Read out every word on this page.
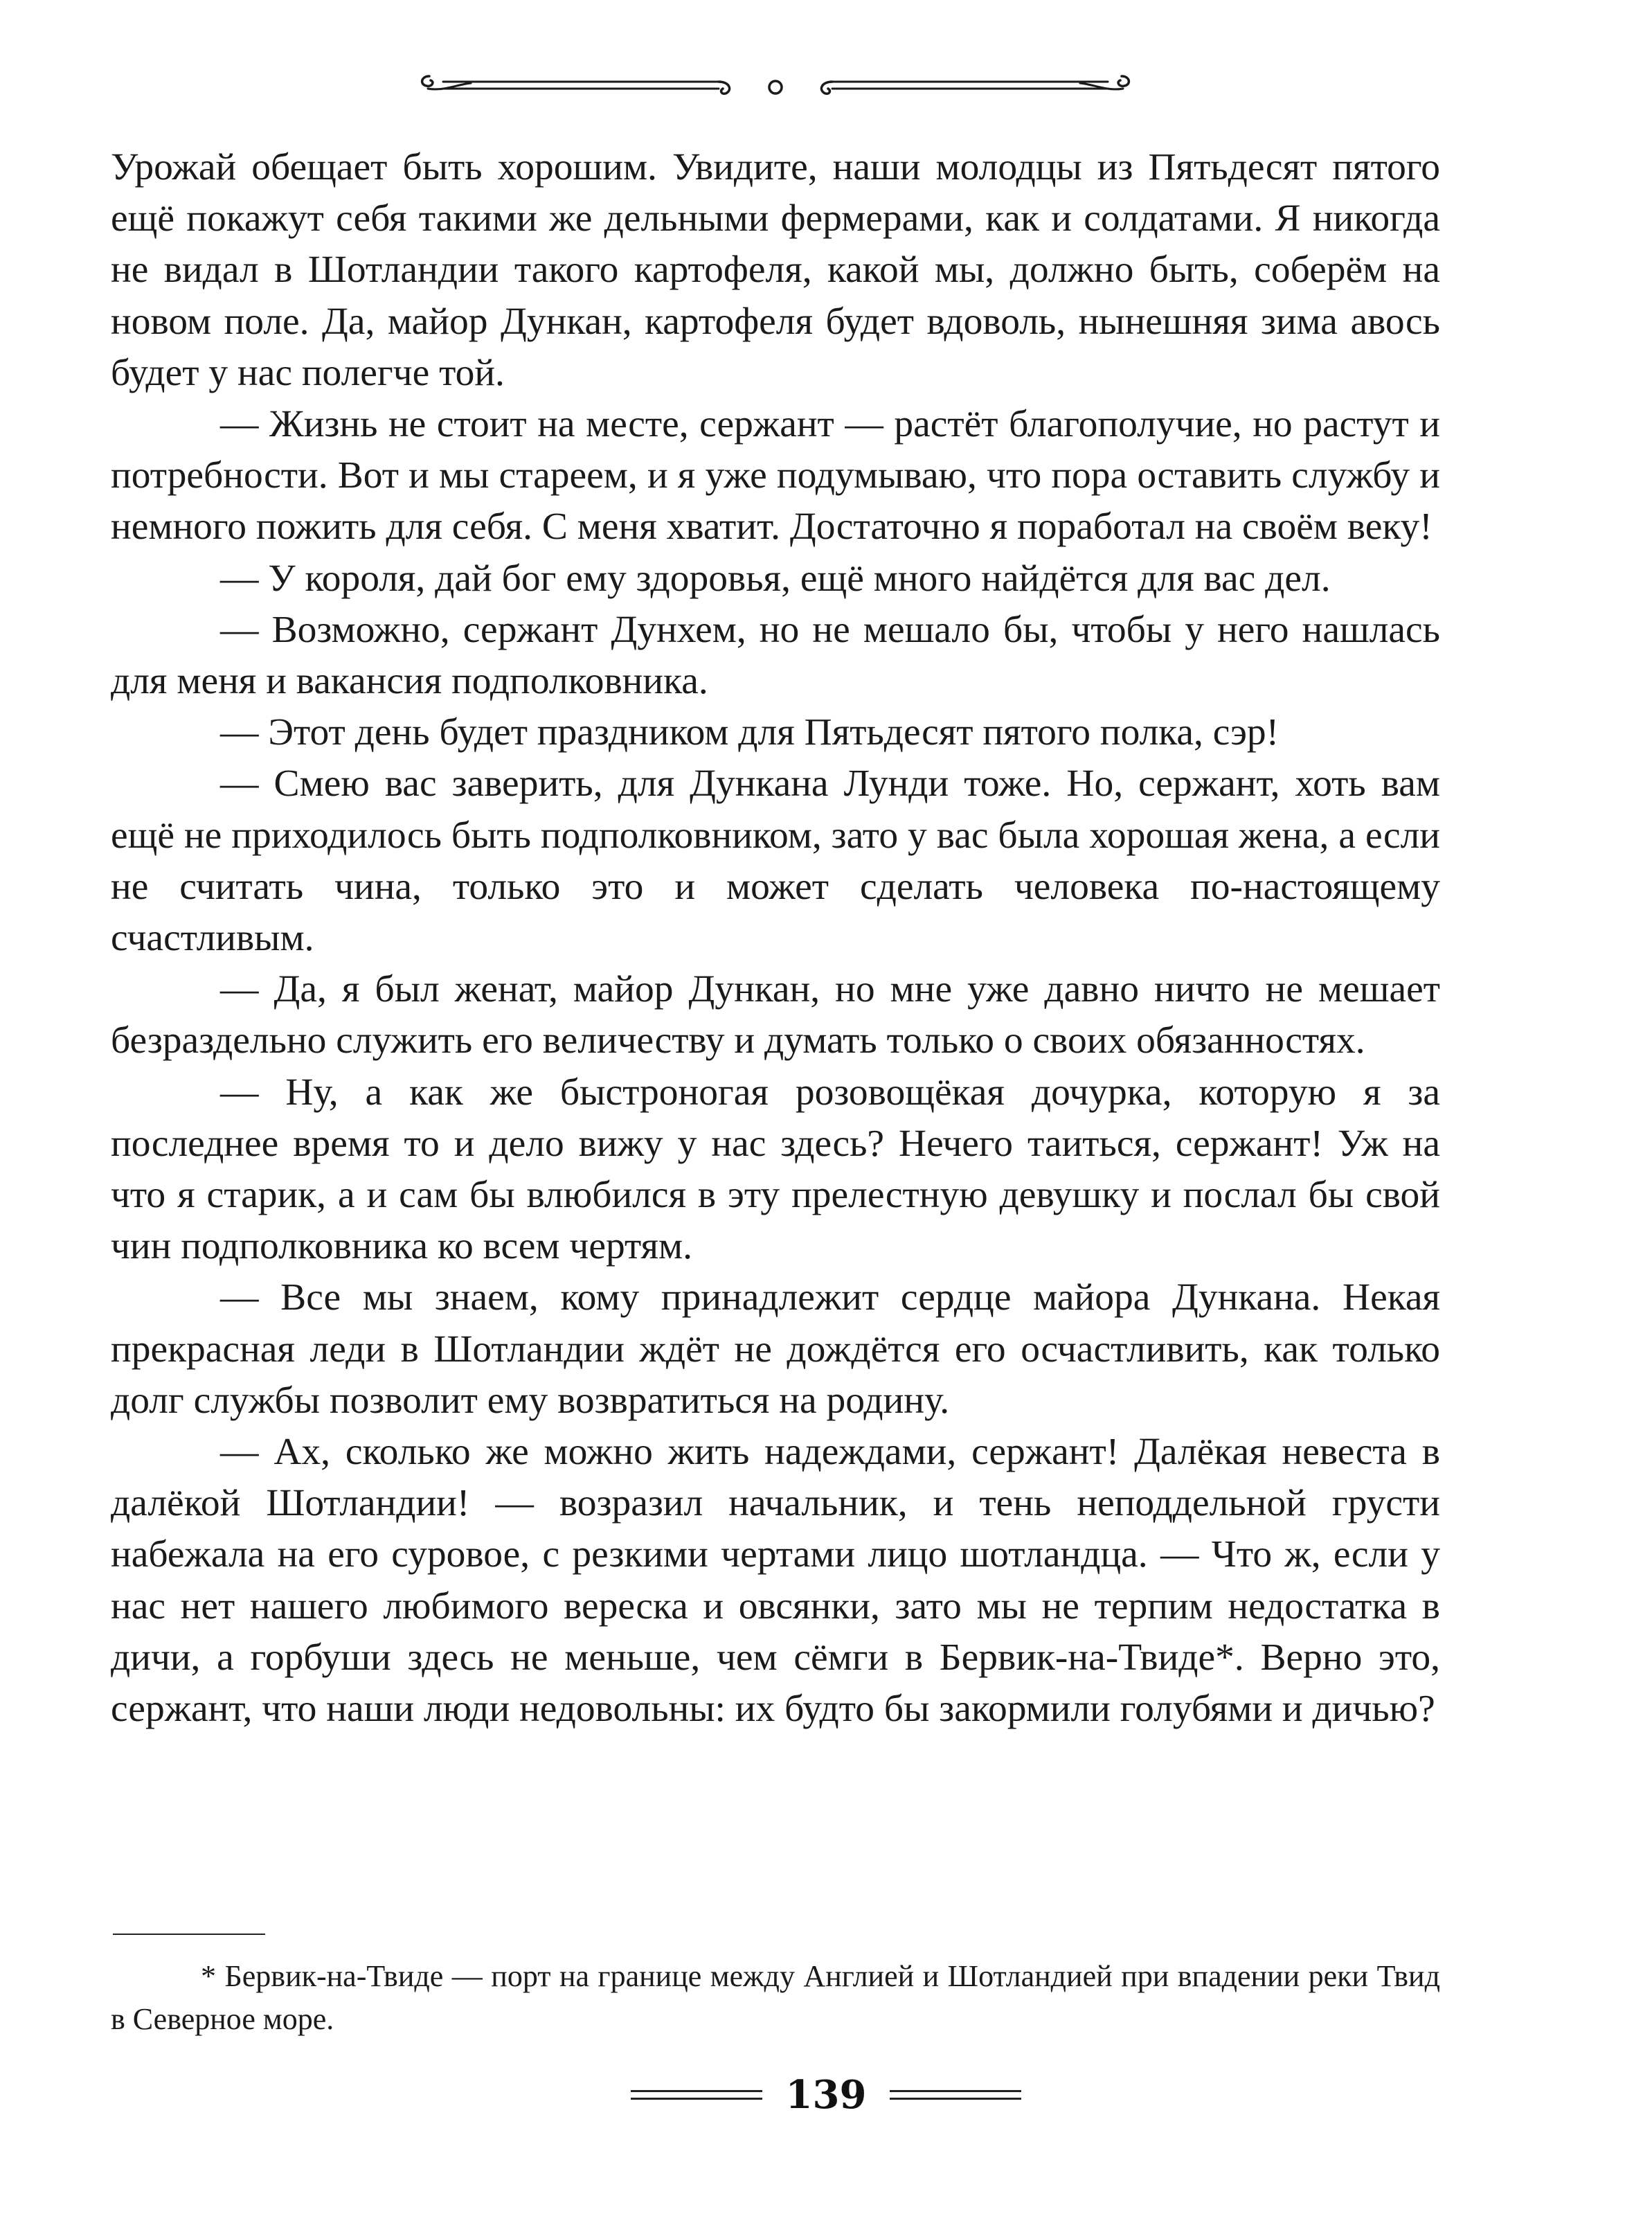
Урожай обещает быть хорошим. Увидите, наши молодцы из Пятьдесят пятого ещё покажут себя такими же дельными фермерами, как и солдатами. Я никогда не видал в Шотландии такого картофеля, какой мы, должно быть, соберём на новом поле. Да, майор Дункан, картофеля будет вдоволь, нынешняя зима авось будет у нас полегче той.

— Жизнь не стоит на месте, сержант — растёт благополучие, но растут и потребности. Вот и мы стареем, и я уже подумываю, что пора оставить службу и немного пожить для себя. С меня хватит. Достаточно я поработал на своём веку!

— У короля, дай бог ему здоровья, ещё много найдётся для вас дел.

— Возможно, сержант Дунхем, но не мешало бы, чтобы у него нашлась для меня и вакансия подполковника.

— Этот день будет праздником для Пятьдесят пятого полка, сэр!

— Смею вас заверить, для Дункана Лунди тоже. Но, сержант, хоть вам ещё не приходилось быть подполковником, зато у вас была хорошая жена, а если не считать чина, только это и может сделать человека по-настоящему счастливым.

— Да, я был женат, майор Дункан, но мне уже давно ничто не мешает безраздельно служить его величеству и думать только о своих обязанностях.

— Ну, а как же быстроногая розовощёкая дочурка, которую я за последнее время то и дело вижу у нас здесь? Нечего таиться, сержант! Уж на что я старик, а и сам бы влюбился в эту прелестную девушку и послал бы свой чин подполковника ко всем чертям.

— Все мы знаем, кому принадлежит сердце майора Дункана. Некая прекрасная леди в Шотландии ждёт не дождётся его осчастливить, как только долг службы позволит ему возвратиться на родину.

— Ах, сколько же можно жить надеждами, сержант! Далёкая невеста в далёкой Шотландии! — возразил начальник, и тень неподдельной грусти набежала на его суровое, с резкими чертами лицо шотландца. — Что ж, если у нас нет нашего любимого вереска и овсянки, зато мы не терпим недостатка в дичи, а горбуши здесь не меньше, чем сёмги в Бервик-на-Твиде*. Верно это, сержант, что наши люди недовольны: их будто бы закормили голубями и дичью?

* Бервик-на-Твиде — порт на границе между Англией и Шотландией при впадении реки Твид в Северное море.

139
